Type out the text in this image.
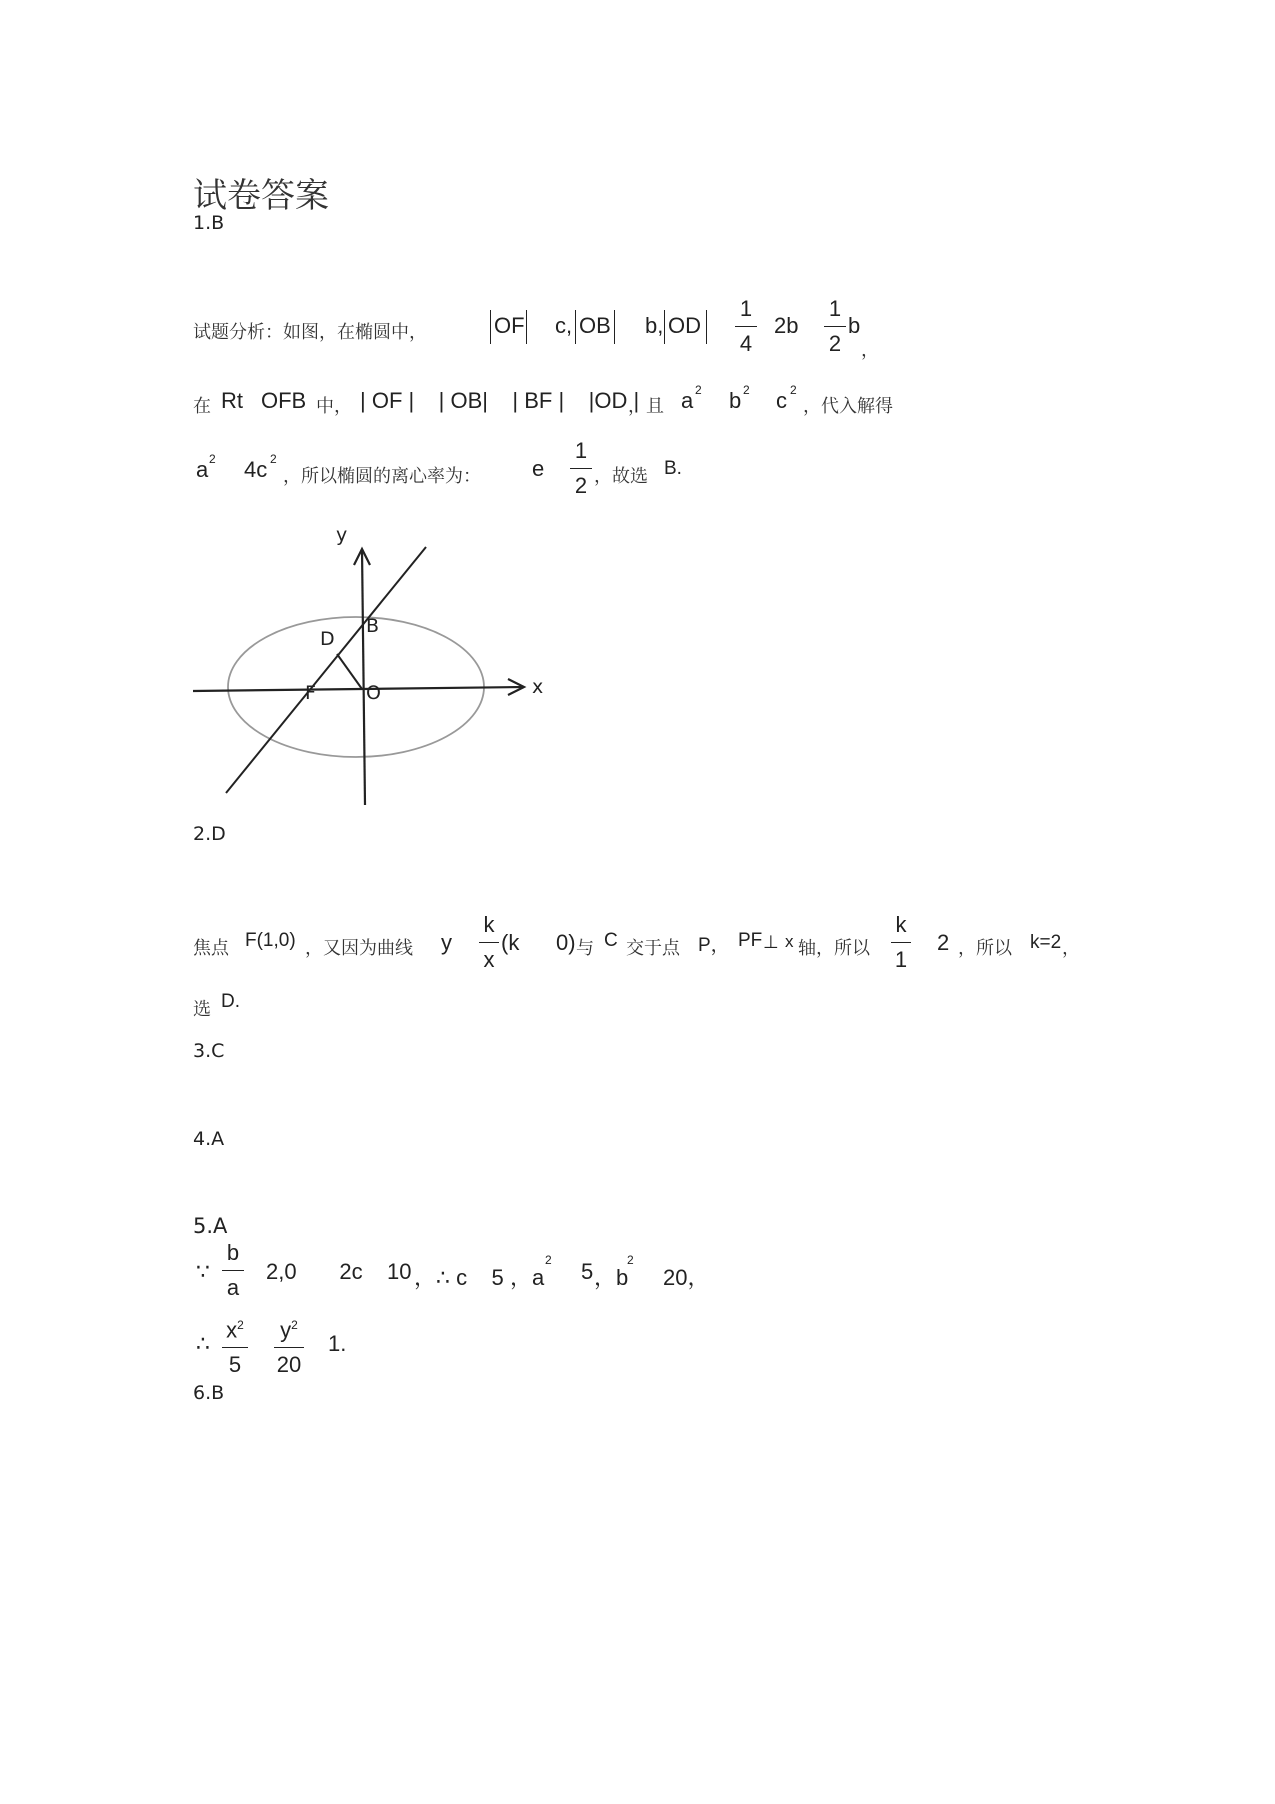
试卷答案
1.B
试题分析：如图，在椭圆中，	OF c, OB b, OD
1
4
2b
1
2
b
，
在 Rt OFB 中， | OF |    | OB|    | BF |    |OD |
，且 a 2 b 2 c 2
，代入解得
a 2 4c 2
，所以椭圆的离心率为： e
1
2 ，故选 B.
y
x
B
D
F	O
2.D
焦点 F(1,0) ，又因为曲线 y
k
x
(k      0) 与 C 交于点 P， PF ⊥ x 轴，所以
k
1
2 ，所以 k=2 ，
选 D.
3.C
4.A
5.A
∵
b
a
2,0       2c    10 ，∴ c    5 ，a
2 5 ，b
2
20，
∴
$x^2$
5
$y^2$
20
1.
6.B
